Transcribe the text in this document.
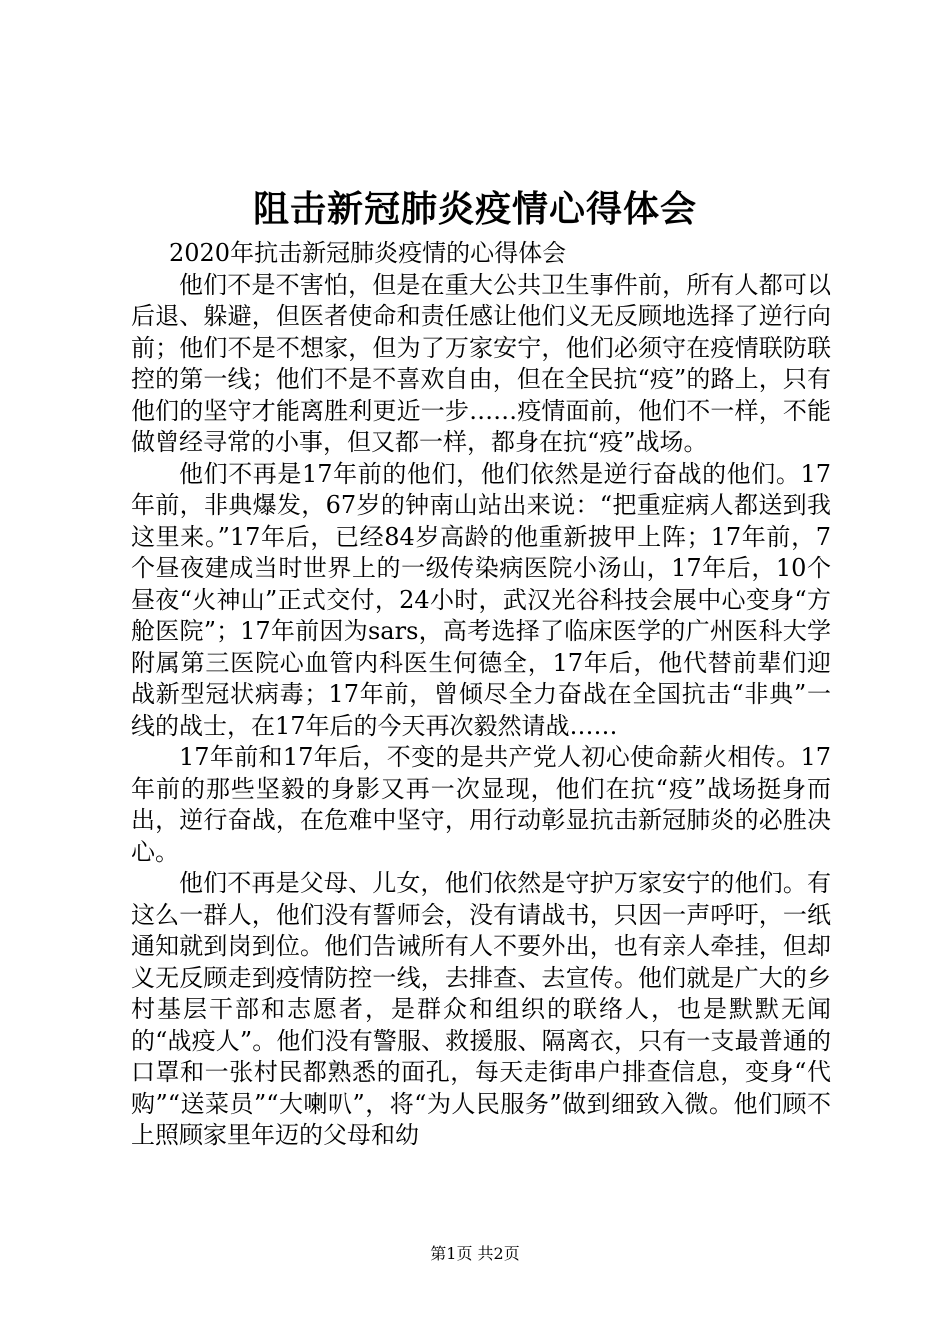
阻击新冠肺炎疫情心得体会

2020年抗击新冠肺炎疫情的心得体会

他们不是不害怕，但是在重大公共卫生事件前，所有人都可以后退、躲避，但医者使命和责任感让他们义无反顾地选择了逆行向前；他们不是不想家，但为了万家安宁，他们必须守在疫情联防联控的第一线；他们不是不喜欢自由，但在全民抗“疫”的路上，只有他们的坚守才能离胜利更近一步……疫情面前，他们不一样，不能做曾经寻常的小事，但又都一样，都身在抗“疫”战场。

他们不再是17年前的他们，他们依然是逆行奋战的他们。17年前，非典爆发，67岁的钟南山站出来说：“把重症病人都送到我这里来。”17年后，已经84岁高龄的他重新披甲上阵；17年前，7个昼夜建成当时世界上的一级传染病医院小汤山，17年后，10个昼夜“火神山”正式交付，24小时，武汉光谷科技会展中心变身“方舱医院”；17年前因为sars，高考选择了临床医学的广州医科大学附属第三医院心血管内科医生何德全，17年后，他代替前辈们迎战新型冠状病毒；17年前，曾倾尽全力奋战在全国抗击“非典”一线的战士，在17年后的今天再次毅然请战……

17年前和17年后，不变的是共产党人初心使命薪火相传。17年前的那些坚毅的身影又再一次显现，他们在抗“疫”战场挺身而出，逆行奋战，在危难中坚守，用行动彰显抗击新冠肺炎的必胜决心。

他们不再是父母、儿女，他们依然是守护万家安宁的他们。有这么一群人，他们没有誓师会，没有请战书，只因一声呼吁，一纸通知就到岗到位。他们告诫所有人不要外出，也有亲人牵挂，但却义无反顾走到疫情防控一线，去排查、去宣传。他们就是广大的乡村基层干部和志愿者，是群众和组织的联络人，也是默默无闻的“战疫人”。他们没有警服、救援服、隔离衣，只有一支最普通的口罩和一张村民都熟悉的面孔，每天走街串户排查信息，变身“代购”“送菜员”“大喇叭”，将“为人民服务”做到细致入微。他们顾不上照顾家里年迈的父母和幼

第1页 共2页
